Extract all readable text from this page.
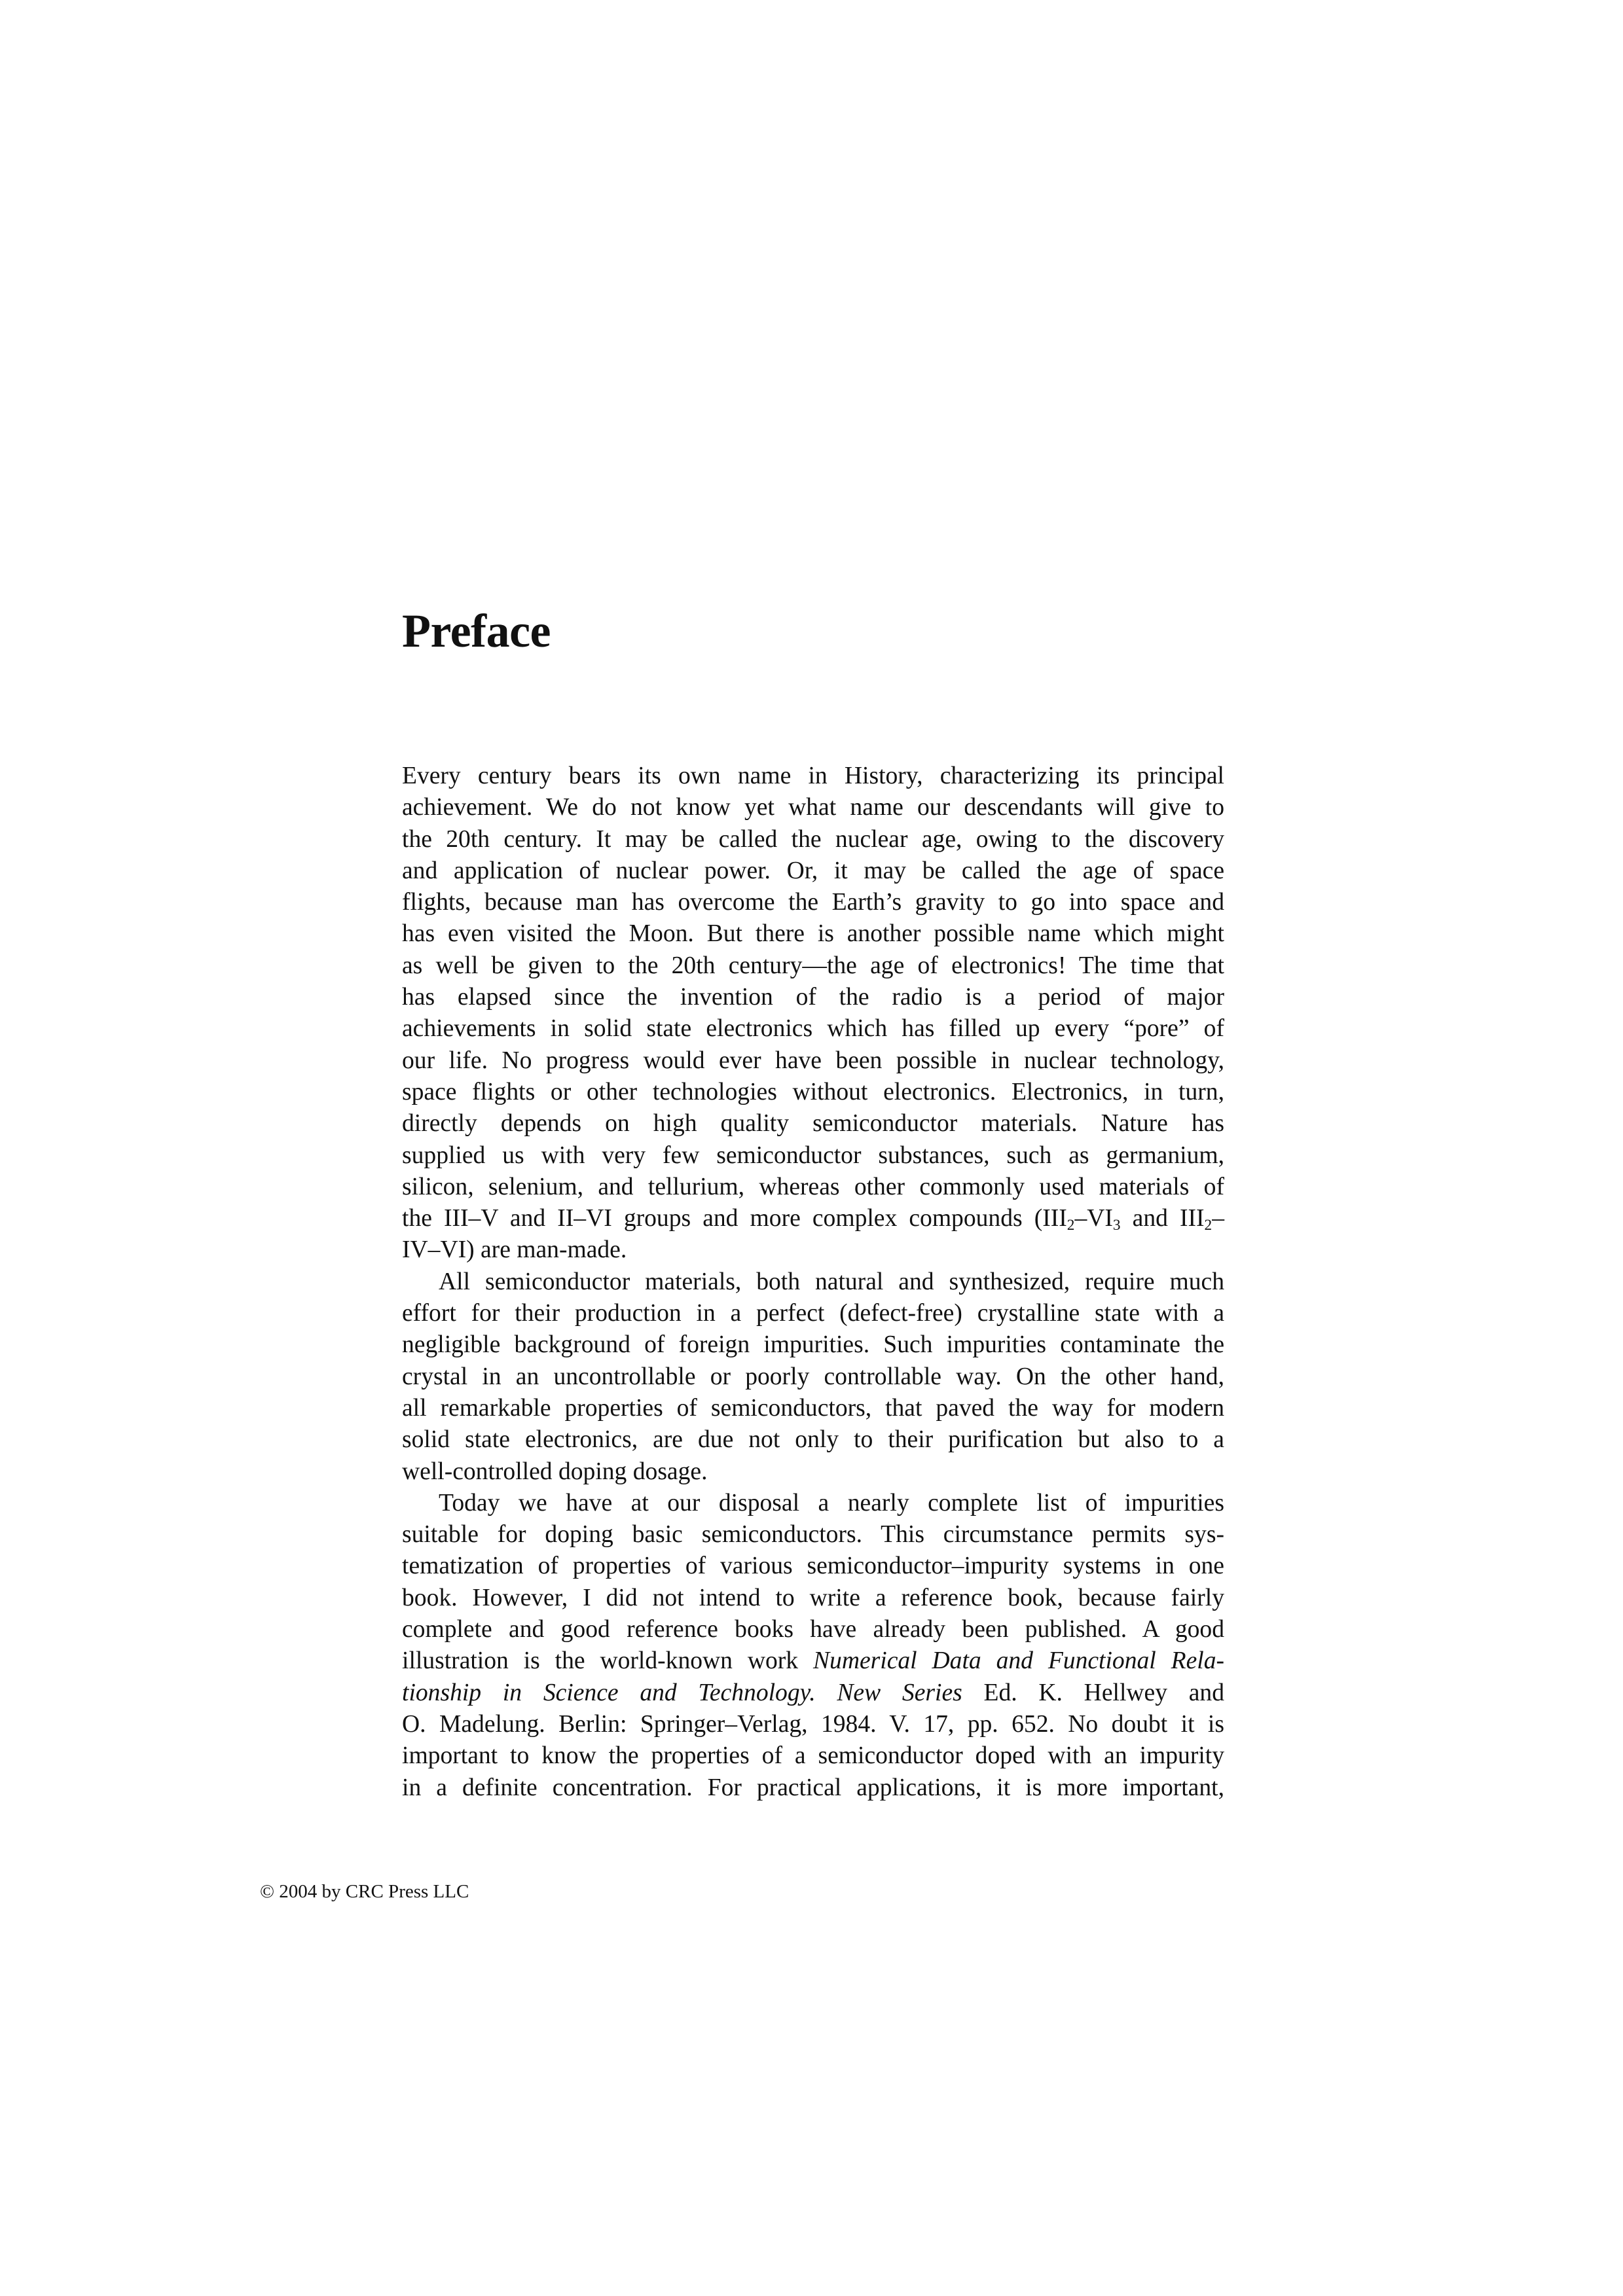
Preface
Every century bears its own name in History, characterizing its principal
achievement. We do not know yet what name our descendants will give to
the 20th century. It may be called the nuclear age, owing to the discovery
and application of nuclear power. Or, it may be called the age of space
flights, because man has overcome the Earth’s gravity to go into space and
has even visited the Moon. But there is another possible name which might
as well be given to the 20th century—the age of electronics! The time that
has elapsed since the invention of the radio is a period of major
achievements in solid state electronics which has filled up every “pore” of
our life. No progress would ever have been possible in nuclear technology,
space flights or other technologies without electronics. Electronics, in turn,
directly depends on high quality semiconductor materials. Nature has
supplied us with very few semiconductor substances, such as germanium,
silicon, selenium, and tellurium, whereas other commonly used materials of
the III–V and II–VI groups and more complex compounds ($III_2-VI_3$ and $III_2-$
IV–VI) are man-made.
All semiconductor materials, both natural and synthesized, require much
effort for their production in a perfect (defect-free) crystalline state with a
negligible background of foreign impurities. Such impurities contaminate the
crystal in an uncontrollable or poorly controllable way. On the other hand,
all remarkable properties of semiconductors, that paved the way for modern
solid state electronics, are due not only to their purification but also to a
well-controlled doping dosage.
Today we have at our disposal a nearly complete list of impurities
suitable for doping basic semiconductors. This circumstance permits sys-
tematization of properties of various semiconductor–impurity systems in one
book. However, I did not intend to write a reference book, because fairly
complete and good reference books have already been published. A good
illustration is the world-known work Numerical Data and Functional Rela-
tionship in Science and Technology. New Series Ed. K. Hellwey and
O. Madelung. Berlin: Springer–Verlag, 1984. V. 17, pp. 652. No doubt it is
important to know the properties of a semiconductor doped with an impurity
in a definite concentration. For practical applications, it is more important,
© 2004 by CRC Press LLC
